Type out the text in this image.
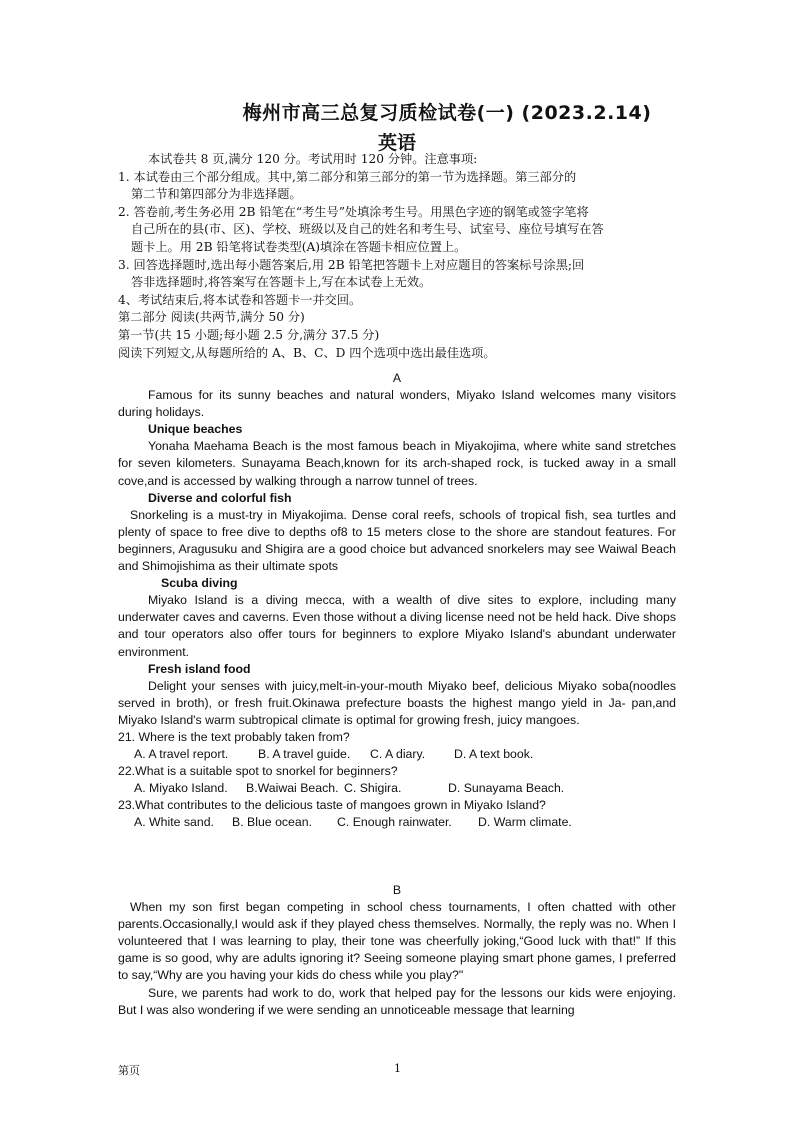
梅州市高三总复习质检试卷(一) (2023.2.14)
英语

本试卷共 8 页,满分 120 分。考试用时 120 分钟。注意事项:

1. 本试卷由三个部分组成。其中,第二部分和第三部分的第一节为选择题。第三部分的

第二节和第四部分为非选择题。

2. 答卷前,考生务必用 2B 铅笔在“考生号”处填涂考生号。用黑色字迹的钢笔或签字笔将

自己所在的县(市、区)、学校、班级以及自己的姓名和考生号、试室号、座位号填写在答

题卡上。用 2B 铅笔将试卷类型(A)填涂在答题卡相应位置上。

3. 回答选择题时,选出每小题答案后,用 2B 铅笔把答题卡上对应题目的答案标号涂黑;回

答非选择题时,将答案写在答题卡上,写在本试卷上无效。

4、考试结束后,将本试卷和答题卡一并交回。

第二部分 阅读(共两节,满分 50 分)

第一节(共 15 小题;每小题 2.5 分,满分 37.5 分)

阅读下列短文,从每题所给的 A、B、C、D 四个选项中选出最佳选项。

A

Famous for its sunny beaches and natural wonders, Miyako Island welcomes many visitors during holidays.

Unique beaches

Yonaha Maehama Beach is the most famous beach in Miyakojima, where white sand stretches for seven kilometers. Sunayama Beach,known for its arch-shaped rock, is tucked away in a small cove,and is accessed by walking through a narrow tunnel of trees.

Diverse and colorful fish

Snorkeling is a must-try in Miyakojima. Dense coral reefs, schools of tropical fish, sea turtles and plenty of space to free dive to depths of8 to 15 meters close to the shore are standout features. For beginners, Aragusuku and Shigira are a good choice but advanced snorkelers may see Waiwal Beach and Shimojishima as their ultimate spots

Scuba diving

Miyako Island is a diving mecca, with a wealth of dive sites to explore, including many underwater caves and caverns. Even those without a diving license need not be held hack. Dive shops and tour operators also offer tours for beginners to explore Miyako Island's abundant underwater environment.

Fresh island food

Delight your senses with juicy,melt-in-your-mouth Miyako beef, delicious Miyako soba(noodles served in broth), or fresh fruit.Okinawa prefecture boasts the highest mango yield in Ja- pan,and Miyako Island's warm subtropical climate is optimal for growing fresh, juicy mangoes.

21. Where is the text probably taken from?

A. A travel report.	B. A travel guide.	C. A diary.	D. A text book.

22.What is a suitable spot to snorkel for beginners?

A. Miyako Island.	B.Waiwai Beach. C. Shigira.	D. Sunayama Beach.

23.What contributes to the delicious taste of mangoes grown in Miyako Island?

A. White sand.	B. Blue ocean.	C. Enough rainwater.	D. Warm climate.

B

When my son first began competing in school chess tournaments, I often chatted with other parents.Occasionally,I would ask if they played chess themselves. Normally, the reply was no. When I volunteered that I was learning to play, their tone was cheerfully joking,“Good luck with that!” If this game is so good, why are adults ignoring it? Seeing someone playing smart phone games, I preferred to say,“Why are you having your kids do chess while you play?"

Sure, we parents had work to do, work that helped pay for the lessons our kids were enjoying. But I was also wondering if we were sending an unnoticeable message that learning

第页	1
